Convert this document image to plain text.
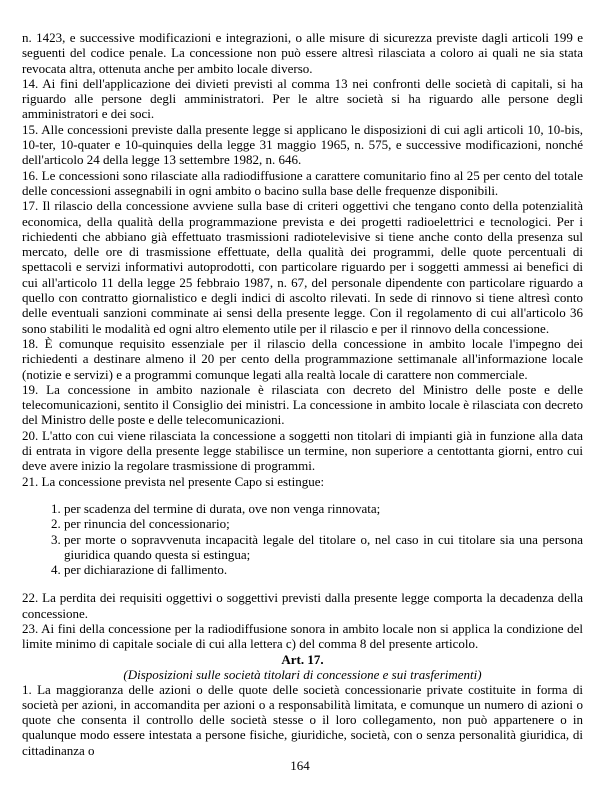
n. 1423, e successive modificazioni e integrazioni, o alle misure di sicurezza previste dagli articoli 199 e seguenti del codice penale. La concessione non può essere altresì rilasciata a coloro ai quali ne sia stata revocata altra, ottenuta anche per ambito locale diverso.

14. Ai fini dell'applicazione dei divieti previsti al comma 13 nei confronti delle società di capitali, si ha riguardo alle persone degli amministratori. Per le altre società si ha riguardo alle persone degli amministratori e dei soci.

15. Alle concessioni previste dalla presente legge si applicano le disposizioni di cui agli articoli 10, 10-bis, 10-ter, 10-quater e 10-quinquies della legge 31 maggio 1965, n. 575, e successive modificazioni, nonché dell'articolo 24 della legge 13 settembre 1982, n. 646.

16. Le concessioni sono rilasciate alla radiodiffusione a carattere comunitario fino al 25 per cento del totale delle concessioni assegnabili in ogni ambito o bacino sulla base delle frequenze disponibili.

17. Il rilascio della concessione avviene sulla base di criteri oggettivi che tengano conto della potenzialità economica, della qualità della programmazione prevista e dei progetti radioelettrici e tecnologici. Per i richiedenti che abbiano già effettuato trasmissioni radiotelevisive si tiene anche conto della presenza sul mercato, delle ore di trasmissione effettuate, della qualità dei programmi, delle quote percentuali di spettacoli e servizi informativi autoprodotti, con particolare riguardo per i soggetti ammessi ai benefici di cui all'articolo 11 della legge 25 febbraio 1987, n. 67, del personale dipendente con particolare riguardo a quello con contratto giornalistico e degli indici di ascolto rilevati. In sede di rinnovo si tiene altresì conto delle eventuali sanzioni comminate ai sensi della presente legge. Con il regolamento di cui all'articolo 36 sono stabiliti le modalità ed ogni altro elemento utile per il rilascio e per il rinnovo della concessione.

18. È comunque requisito essenziale per il rilascio della concessione in ambito locale l'impegno dei richiedenti a destinare almeno il 20 per cento della programmazione settimanale all'informazione locale (notizie e servizi) e a programmi comunque legati alla realtà locale di carattere non commerciale.

19. La concessione in ambito nazionale è rilasciata con decreto del Ministro delle poste e delle telecomunicazioni, sentito il Consiglio dei ministri. La concessione in ambito locale è rilasciata con decreto del Ministro delle poste e delle telecomunicazioni.

20. L'atto con cui viene rilasciata la concessione a soggetti non titolari di impianti già in funzione alla data di entrata in vigore della presente legge stabilisce un termine, non superiore a centottanta giorni, entro cui deve avere inizio la regolare trasmissione di programmi.

21. La concessione prevista nel presente Capo si estingue:

1. per scadenza del termine di durata, ove non venga rinnovata;
2. per rinuncia del concessionario;
3. per morte o sopravvenuta incapacità legale del titolare o, nel caso in cui titolare sia una persona giuridica quando questa si estingua;
4. per dichiarazione di fallimento.

22. La perdita dei requisiti oggettivi o soggettivi previsti dalla presente legge comporta la decadenza della concessione.

23. Ai fini della concessione per la radiodiffusione sonora in ambito locale non si applica la condizione del limite minimo di capitale sociale di cui alla lettera c) del comma 8 del presente articolo.

Art. 17.

(Disposizioni sulle società titolari di concessione e sui trasferimenti)

1. La maggioranza delle azioni o delle quote delle società concessionarie private costituite in forma di società per azioni, in accomandita per azioni o a responsabilità limitata, e comunque un numero di azioni o quote che consenta il controllo delle società stesse o il loro collegamento, non può appartenere o in qualunque modo essere intestata a persone fisiche, giuridiche, società, con o senza personalità giuridica, di cittadinanza o

164
